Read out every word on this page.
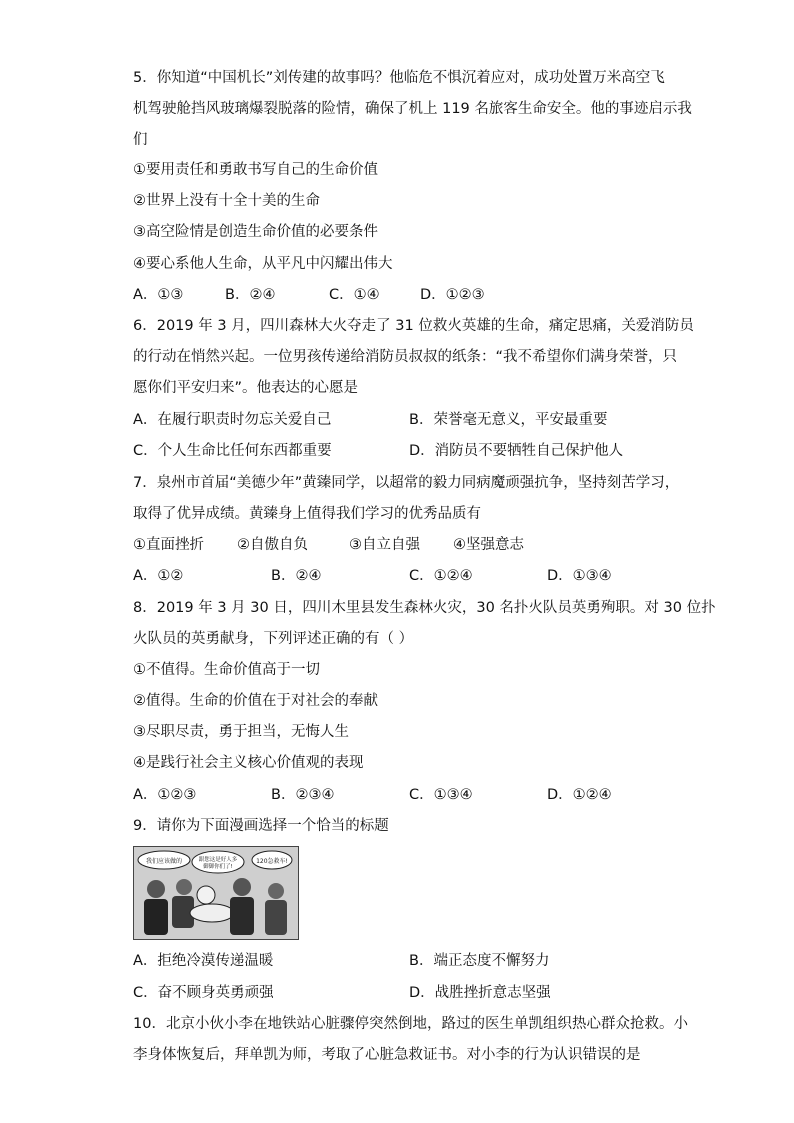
5．你知道“中国机长”刘传建的故事吗？他临危不惧沉着应对，成功处置万米高空飞
机驾驶舱挡风玻璃爆裂脱落的险情，确保了机上 119 名旅客生命安全。他的事迹启示我
们
①要用责任和勇敢书写自己的生命价值
②世界上没有十全十美的生命
③高空险情是创造生命价值的必要条件
④要心系他人生命，从平凡中闪耀出伟大
A．①③	B．②④	C．①④	D．①②③
6．2019 年 3 月，四川森林大火夺走了 31 位救火英雄的生命，痛定思痛，关爱消防员
的行动在悄然兴起。一位男孩传递给消防员叔叔的纸条：“我不希望你们满身荣誉，只
愿你们平安归来”。他表达的心愿是
A．在履行职责时勿忘关爱自己	B．荣誉毫无意义，平安最重要
C．个人生命比任何东西都重要	D．消防员不要牺牲自己保护他人
7．泉州市首届“美德少年”黄臻同学，以超常的毅力同病魔顽强抗争，坚持刻苦学习，
取得了优异成绩。黄臻身上值得我们学习的优秀品质有
①直面挫折 ②自傲自负	③自立自强 ④坚强意志
A．①②	B．②④	C．①②④	D．①③④
8．2019 年 3 月 30 日，四川木里县发生森林火灾，30 名扑火队员英勇殉职。对 30 位扑
火队员的英勇献身，下列评述正确的有（ ）
①不值得。生命价值高于一切
②值得。生命的价值在于对社会的奉献
③尽职尽责，勇于担当，无悔人生
④是践行社会主义核心价值观的表现
A．①②③	B．②③④	C．①③④	D．①②④
9．请你为下面漫画选择一个恰当的标题
我们应该做的	跟您这是好人多御御你们了!
120急救车!
A．拒绝冷漠传递温暖	B．端正态度不懈努力
C．奋不顾身英勇顽强	D．战胜挫折意志坚强
10．北京小伙小李在地铁站心脏骤停突然倒地，路过的医生单凯组织热心群众抢救。小
李身体恢复后，拜单凯为师，考取了心脏急救证书。对小李的行为认识错误的是
